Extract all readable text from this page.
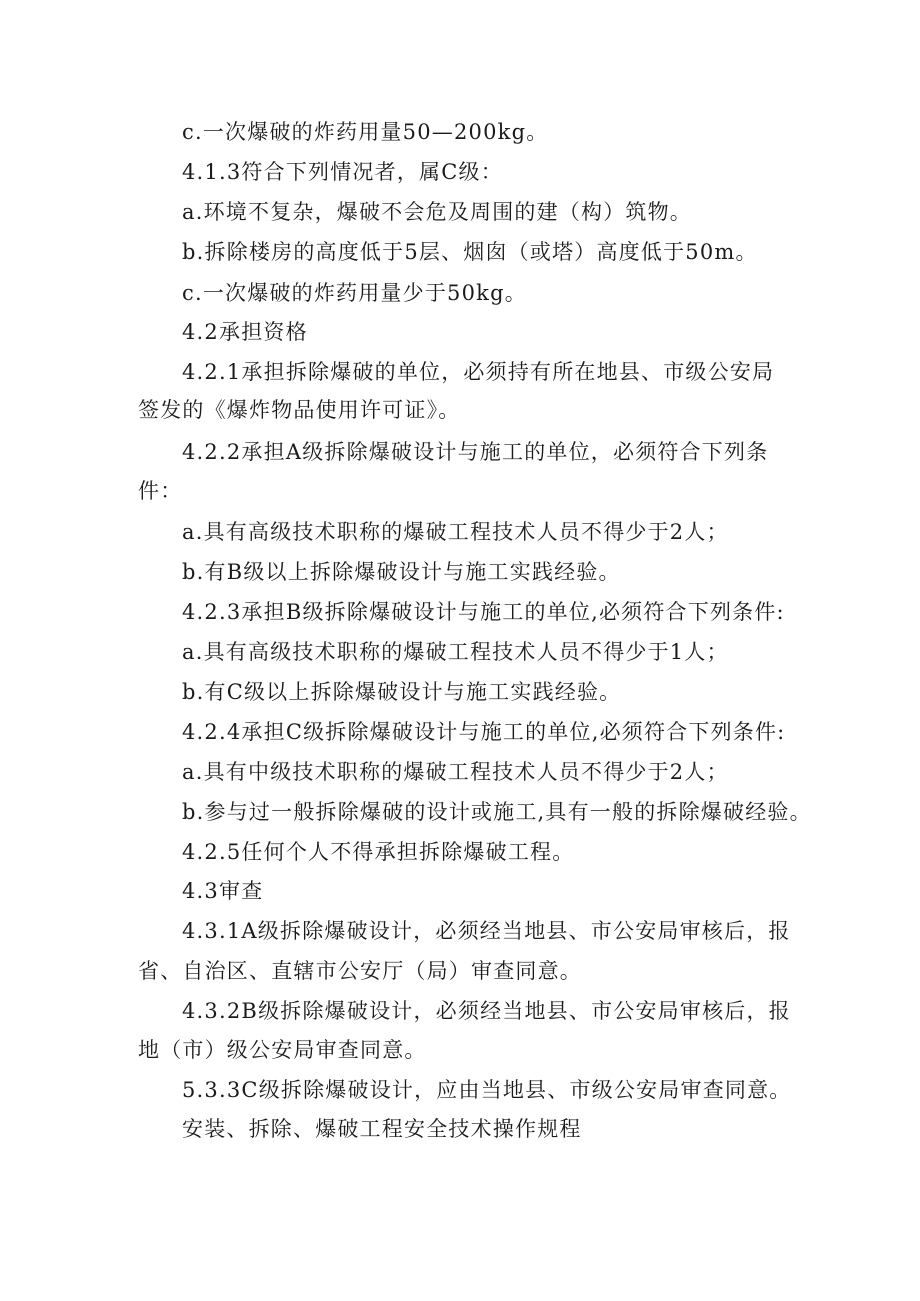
c.一次爆破的炸药用量50—200kg。
4.1.3符合下列情况者，属C级：
a.环境不复杂，爆破不会危及周围的建（构）筑物。
b.拆除楼房的高度低于5层、烟囱（或塔）高度低于50m。
c.一次爆破的炸药用量少于50kg。
4.2承担资格
4.2.1承担拆除爆破的单位，必须持有所在地县、市级公安局
签发的《爆炸物品使用许可证》。
4.2.2承担A级拆除爆破设计与施工的单位，必须符合下列条
件：
a.具有高级技术职称的爆破工程技术人员不得少于2人；
b.有B级以上拆除爆破设计与施工实践经验。
4.2.3承担B级拆除爆破设计与施工的单位,必须符合下列条件:
a.具有高级技术职称的爆破工程技术人员不得少于1人；
b.有C级以上拆除爆破设计与施工实践经验。
4.2.4承担C级拆除爆破设计与施工的单位,必须符合下列条件:
a.具有中级技术职称的爆破工程技术人员不得少于2人；
b.参与过一般拆除爆破的设计或施工,具有一般的拆除爆破经验。
4.2.5任何个人不得承担拆除爆破工程。
4.3审查
4.3.1A级拆除爆破设计，必须经当地县、市公安局审核后，报
省、自治区、直辖市公安厅（局）审查同意。
4.3.2B级拆除爆破设计，必须经当地县、市公安局审核后，报
地（市）级公安局审查同意。
5.3.3C级拆除爆破设计，应由当地县、市级公安局审查同意。
安装、拆除、爆破工程安全技术操作规程
